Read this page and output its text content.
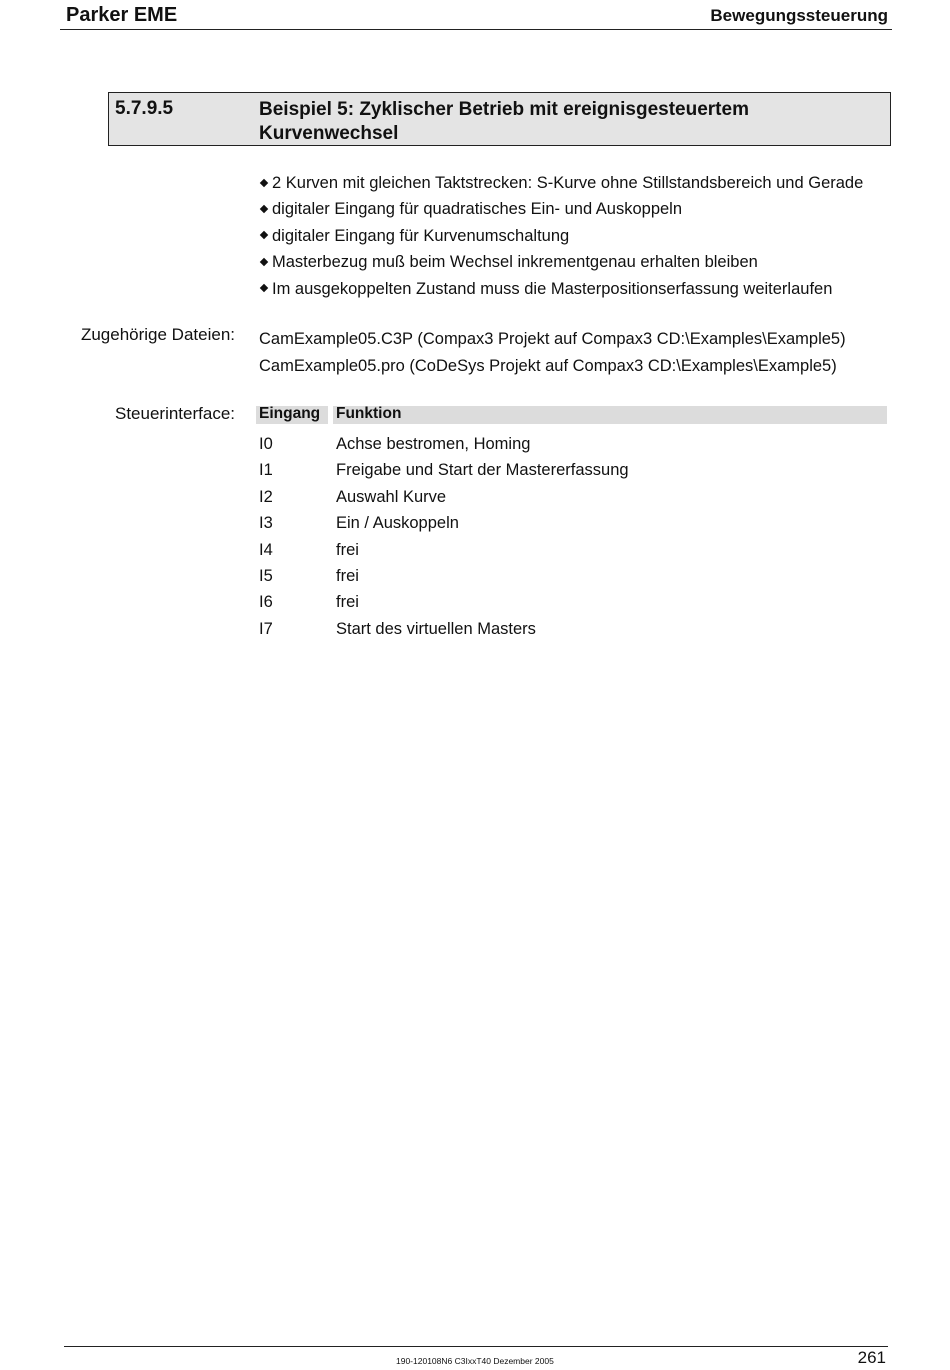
Parker EME	Bewegungssteuerung
5.7.9.5	Beispiel 5: Zyklischer Betrieb mit ereignisgesteuertem Kurvenwechsel
2 Kurven mit gleichen Taktstrecken: S-Kurve ohne Stillstandsbereich und Gerade
digitaler Eingang für quadratisches Ein- und Auskoppeln
digitaler Eingang für Kurvenumschaltung
Masterbezug muß beim Wechsel inkrementgenau erhalten bleiben
Im ausgekoppelten Zustand muss die Masterpositionserfassung weiterlaufen
Zugehörige Dateien: CamExample05.C3P (Compax3 Projekt auf Compax3 CD:\Examples\Example5)
CamExample05.pro (CoDeSys Projekt auf Compax3 CD:\Examples\Example5)
Steuerinterface: Eingang Funktion
I0	Achse bestromen, Homing
I1	Freigabe und Start der Mastererfassung
I2	Auswahl Kurve
I3	Ein / Auskoppeln
I4	frei
I5	frei
I6	frei
I7	Start des virtuellen Masters
190-120108N6 C3IxxT40 Dezember 2005	261
